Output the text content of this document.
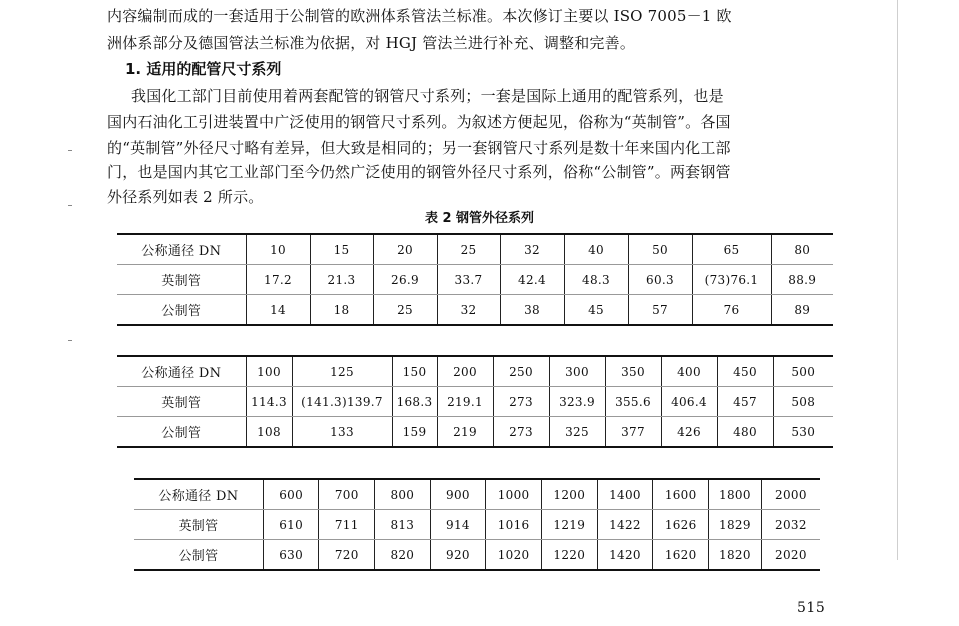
内容编制而成的一套适用于公制管的欧洲体系管法兰标准。本次修订主要以 ISO 7005－1 欧
洲体系部分及德国管法兰标准为依据，对 HGJ 管法兰进行补充、调整和完善。
1. 适用的配管尺寸系列
我国化工部门目前使用着两套配管的钢管尺寸系列；一套是国际上通用的配管系列，也是
国内石油化工引进装置中广泛使用的钢管尺寸系列。为叙述方便起见，俗称为“英制管”。各国
的“英制管”外径尺寸略有差异，但大致是相同的；另一套钢管尺寸系列是数十年来国内化工部
门，也是国内其它工业部门至今仍然广泛使用的钢管外径尺寸系列，俗称“公制管”。两套钢管
外径系列如表 2 所示。
表 2 钢管外径系列
公称通径 DN	10	15	20	25	32	40	50	65	80
英制管	17.2	21.3	26.9	33.7	42.4	48.3	60.3	(73)76.1	88.9
公制管	14	18	25	32	38	45	57	76	89
公称通径 DN	100	125	150	200	250	300	350	400	450	500
英制管	114.3	(141.3)139.7	168.3	219.1	273	323.9	355.6	406.4	457	508
公制管	108	133	159	219	273	325	377	426	480	530
公称通径 DN	600	700	800	900	1000	1200	1400	1600	1800	2000
英制管	610	711	813	914	1016	1219	1422	1626	1829	2032
公制管	630	720	820	920	1020	1220	1420	1620	1820	2020
515
